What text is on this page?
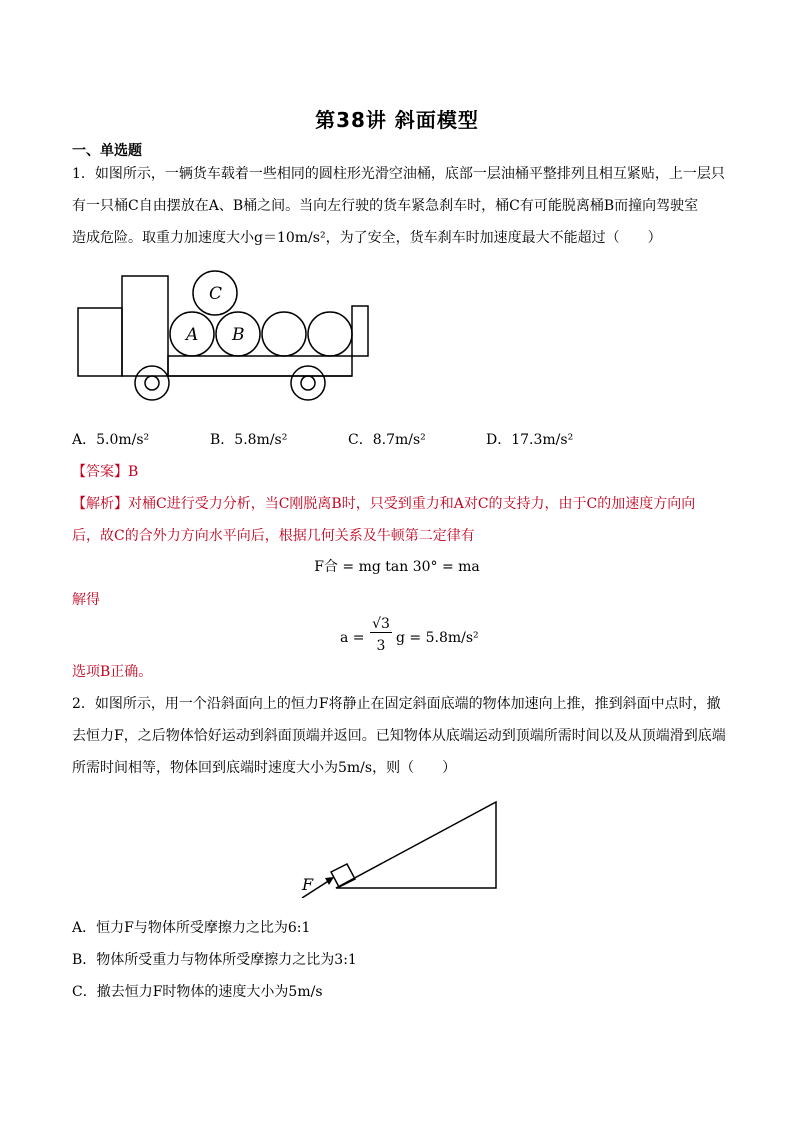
第38讲 斜面模型
一、单选题
1．如图所示，一辆货车载着一些相同的圆柱形光滑空油桶，底部一层油桶平整排列且相互紧贴，上一层只
有一只桶C自由摆放在A、B桶之间。当向左行驶的货车紧急刹车时，桶C有可能脱离桶B而撞向驾驶室
造成危险。取重力加速度大小g＝10m/s²，为了安全，货车刹车时加速度最大不能超过（　　）
A B
C
A．5.0m/s²	B．5.8m/s²	C．8.7m/s²	D．17.3m/s²
【答案】B
【解析】对桶C进行受力分析，当C刚脱离B时，只受到重力和A对C的支持力，由于C的加速度方向向
后，故C的合外力方向水平向后，根据几何关系及牛顿第二定律有
F合 = mg tan 30° = ma
解得
a =
√3
3 g = 5.8m/s²
选项B正确。
2．如图所示，用一个沿斜面向上的恒力F将静止在固定斜面底端的物体加速向上推，推到斜面中点时，撤
去恒力F，之后物体恰好运动到斜面顶端并返回。已知物体从底端运动到顶端所需时间以及从顶端滑到底端
所需时间相等，物体回到底端时速度大小为5m/s，则（　　）
F
A．恒力F与物体所受摩擦力之比为6:1
B．物体所受重力与物体所受摩擦力之比为3:1
C．撤去恒力F时物体的速度大小为5m/s
